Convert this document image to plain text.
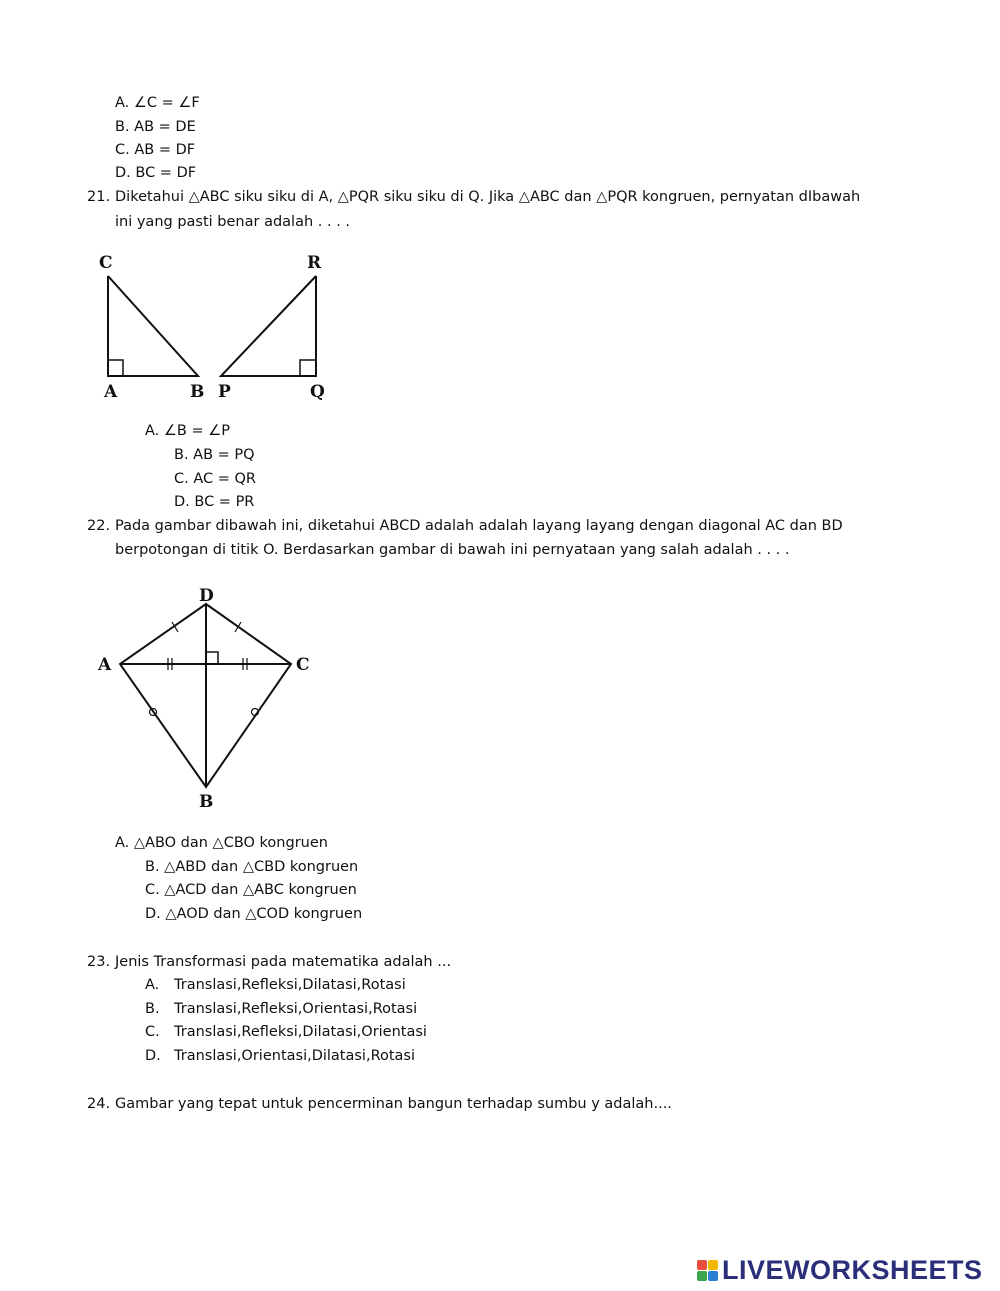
A. ∠C = ∠F
B. AB = DE
C. AB = DF
D. BC = DF
21. Diketahui △ABC siku siku di A, △PQR siku siku di Q. Jika △ABC dan △PQR kongruen, pernyatan dIbawah
ini yang pasti benar adalah . . . .
C
A	B P	Q
R
A. ∠B = ∠P
B. AB = PQ
C. AC = QR
D. BC = PR
22. Pada gambar dibawah ini, diketahui ABCD adalah adalah layang layang dengan diagonal AC dan BD
berpotongan di titik O. Berdasarkan gambar di bawah ini pernyataan yang salah adalah . . . .
D
A	C
B
A. △ABO dan △CBO kongruen
B. △ABD dan △CBD kongruen
C. △ACD dan △ABC kongruen
D. △AOD dan △COD kongruen
23. Jenis Transformasi pada matematika adalah ...
A. Translasi,Refleksi,Dilatasi,Rotasi
B. Translasi,Refleksi,Orientasi,Rotasi
C. Translasi,Refleksi,Dilatasi,Orientasi
D. Translasi,Orientasi,Dilatasi,Rotasi
24. Gambar yang tepat untuk pencerminan bangun terhadap sumbu y adalah....
LIVEWORKSHEETS
